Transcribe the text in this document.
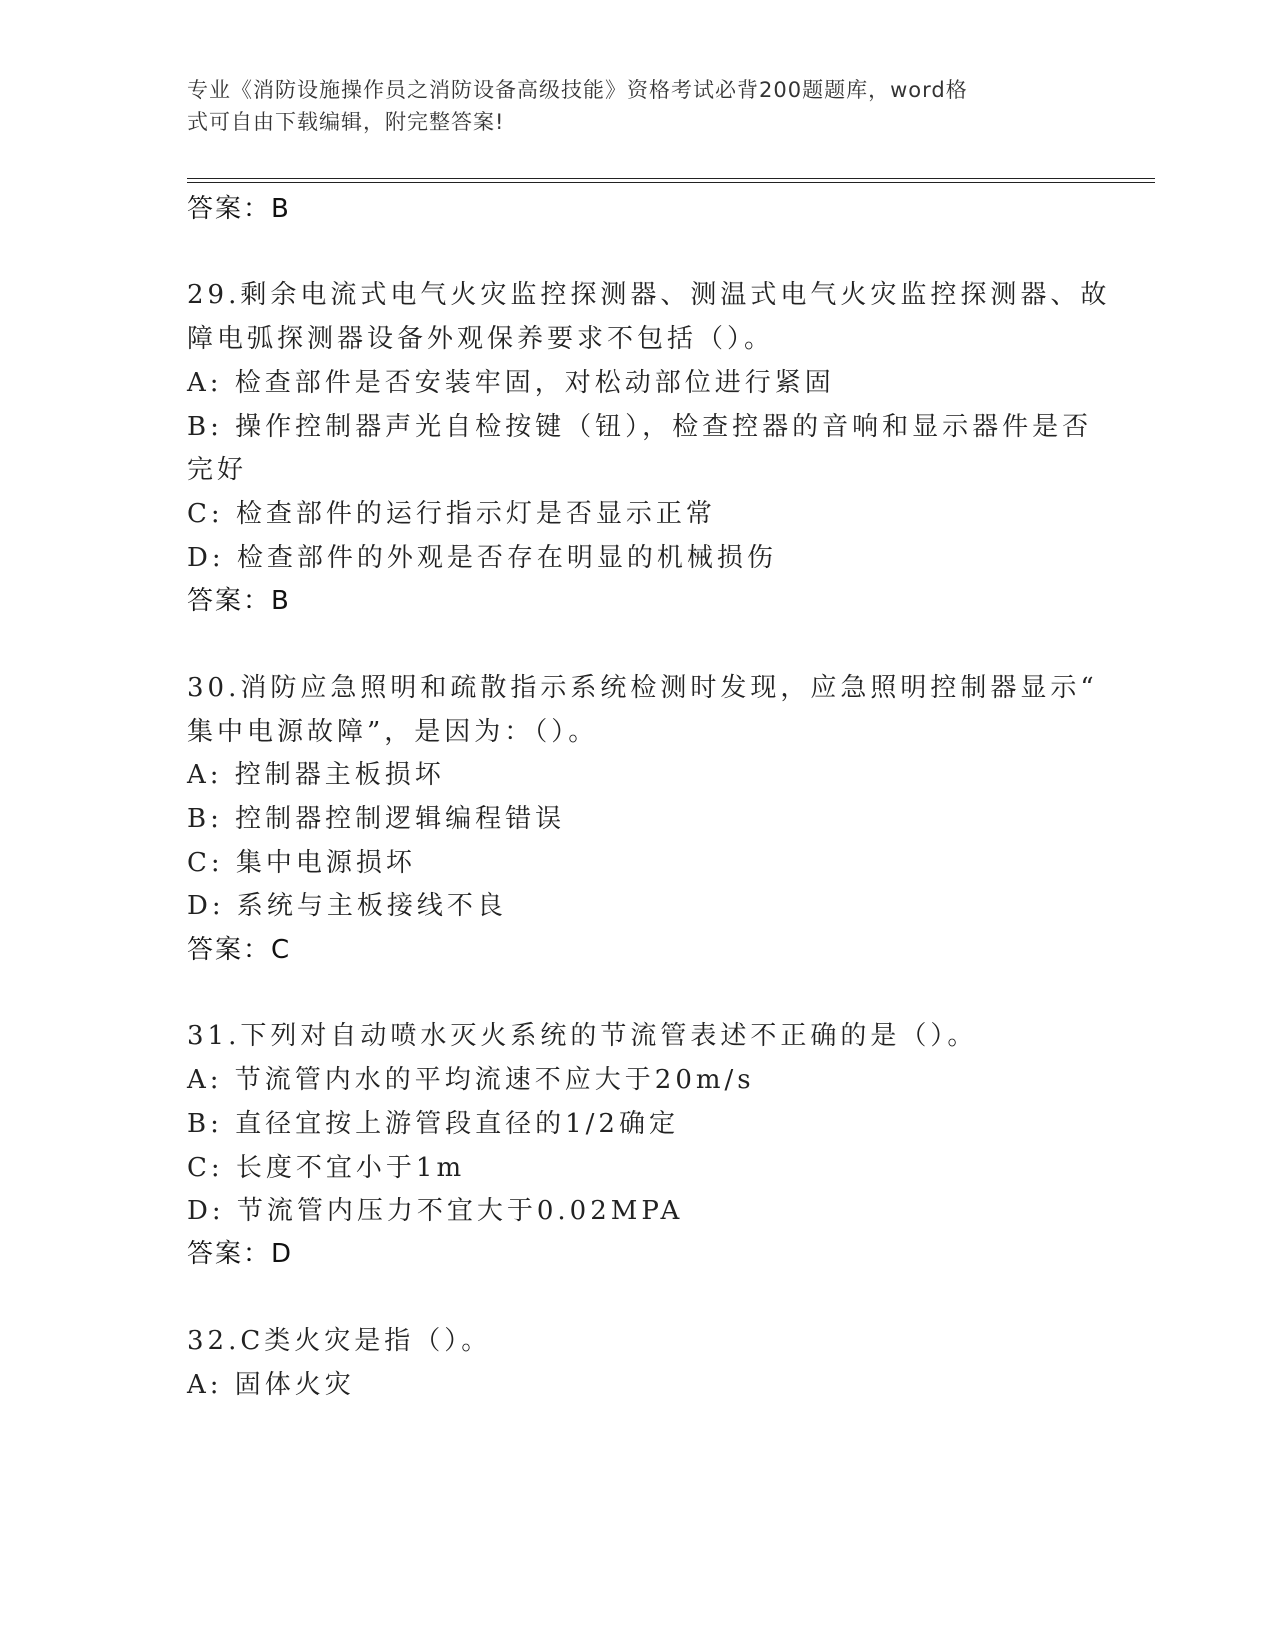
专业《消防设施操作员之消防设备高级技能》资格考试必背200题题库，word格
式可自由下载编辑，附完整答案!
答案：B
29.剩余电流式电气火灾监控探测器、测温式电气火灾监控探测器、故
障电弧探测器设备外观保养要求不包括（）。
A: 检查部件是否安装牢固，对松动部位进行紧固
B: 操作控制器声光自检按键（钮），检查控器的音响和显示器件是否
完好
C: 检查部件的运行指示灯是否显示正常
D: 检查部件的外观是否存在明显的机械损伤
答案：B
30.消防应急照明和疏散指示系统检测时发现，应急照明控制器显示“
集中电源故障”，是因为：（）。
A: 控制器主板损坏
B: 控制器控制逻辑编程错误
C: 集中电源损坏
D: 系统与主板接线不良
答案：C
31.下列对自动喷水灭火系统的节流管表述不正确的是（）。
A: 节流管内水的平均流速不应大于20m/s
B: 直径宜按上游管段直径的1/2确定
C: 长度不宜小于1m
D: 节流管内压力不宜大于0.02MPA
答案：D
32.C类火灾是指（）。
A: 固体火灾
